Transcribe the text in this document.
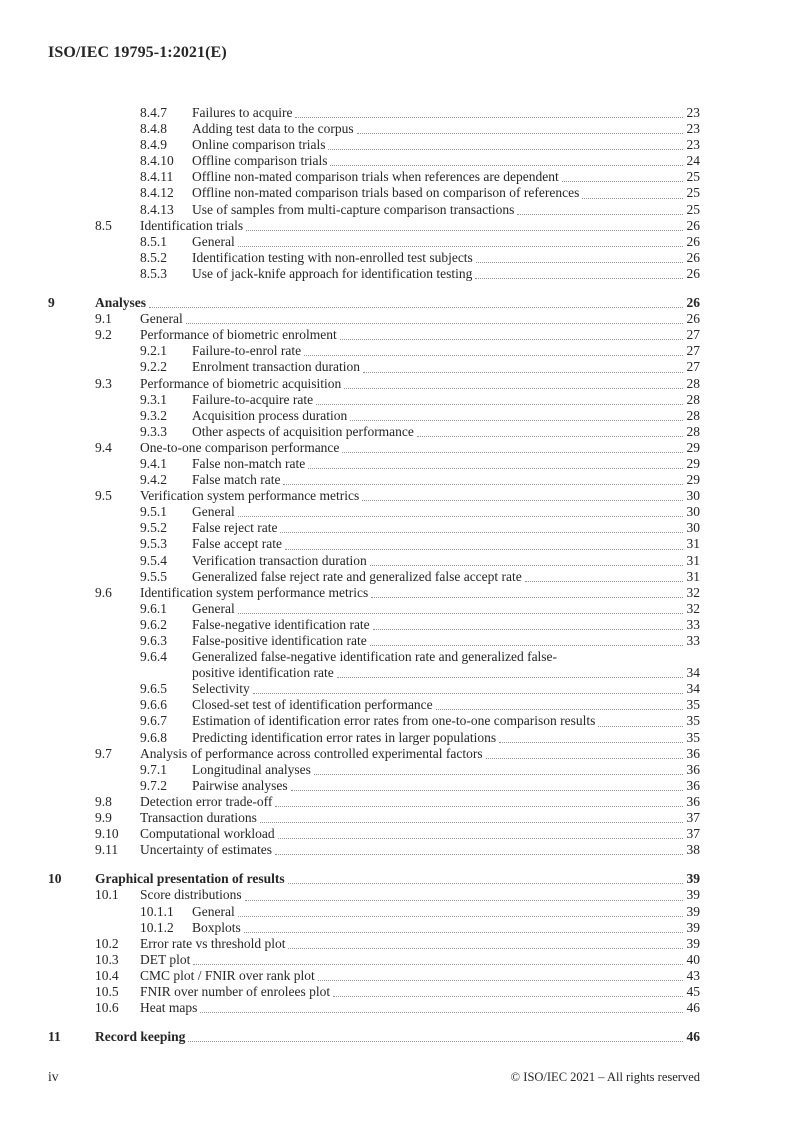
ISO/IEC 19795-1:2021(E)
8.4.7	Failures to acquire	23
8.4.8	Adding test data to the corpus	23
8.4.9	Online comparison trials	23
8.4.10	Offline comparison trials	24
8.4.11	Offline non-mated comparison trials when references are dependent	25
8.4.12	Offline non-mated comparison trials based on comparison of references	25
8.4.13	Use of samples from multi-capture comparison transactions	25
8.5	Identification trials	26
8.5.1	General	26
8.5.2	Identification testing with non-enrolled test subjects	26
8.5.3	Use of jack-knife approach for identification testing	26
9	Analyses	26
9.1	General	26
9.2	Performance of biometric enrolment	27
9.2.1	Failure-to-enrol rate	27
9.2.2	Enrolment transaction duration	27
9.3	Performance of biometric acquisition	28
9.3.1	Failure-to-acquire rate	28
9.3.2	Acquisition process duration	28
9.3.3	Other aspects of acquisition performance	28
9.4	One-to-one comparison performance	29
9.4.1	False non-match rate	29
9.4.2	False match rate	29
9.5	Verification system performance metrics	30
9.5.1	General	30
9.5.2	False reject rate	30
9.5.3	False accept rate	31
9.5.4	Verification transaction duration	31
9.5.5	Generalized false reject rate and generalized false accept rate	31
9.6	Identification system performance metrics	32
9.6.1	General	32
9.6.2	False-negative identification rate	33
9.6.3	False-positive identification rate	33
9.6.4	Generalized false-negative identification rate and generalized false-
positive identification rate	34
9.6.5	Selectivity	34
9.6.6	Closed-set test of identification performance	35
9.6.7	Estimation of identification error rates from one-to-one comparison results	35
9.6.8	Predicting identification error rates in larger populations	35
9.7	Analysis of performance across controlled experimental factors	36
9.7.1	Longitudinal analyses	36
9.7.2	Pairwise analyses	36
9.8	Detection error trade-off	36
9.9	Transaction durations	37
9.10	Computational workload	37
9.11	Uncertainty of estimates	38
10	Graphical presentation of results	39
10.1	Score distributions	39
10.1.1	General	39
10.1.2	Boxplots	39
10.2	Error rate vs threshold plot	39
10.3	DET plot	40
10.4	CMC plot / FNIR over rank plot	43
10.5	FNIR over number of enrolees plot	45
10.6	Heat maps	46
11	Record keeping	46
iv	© ISO/IEC 2021 – All rights reserved
